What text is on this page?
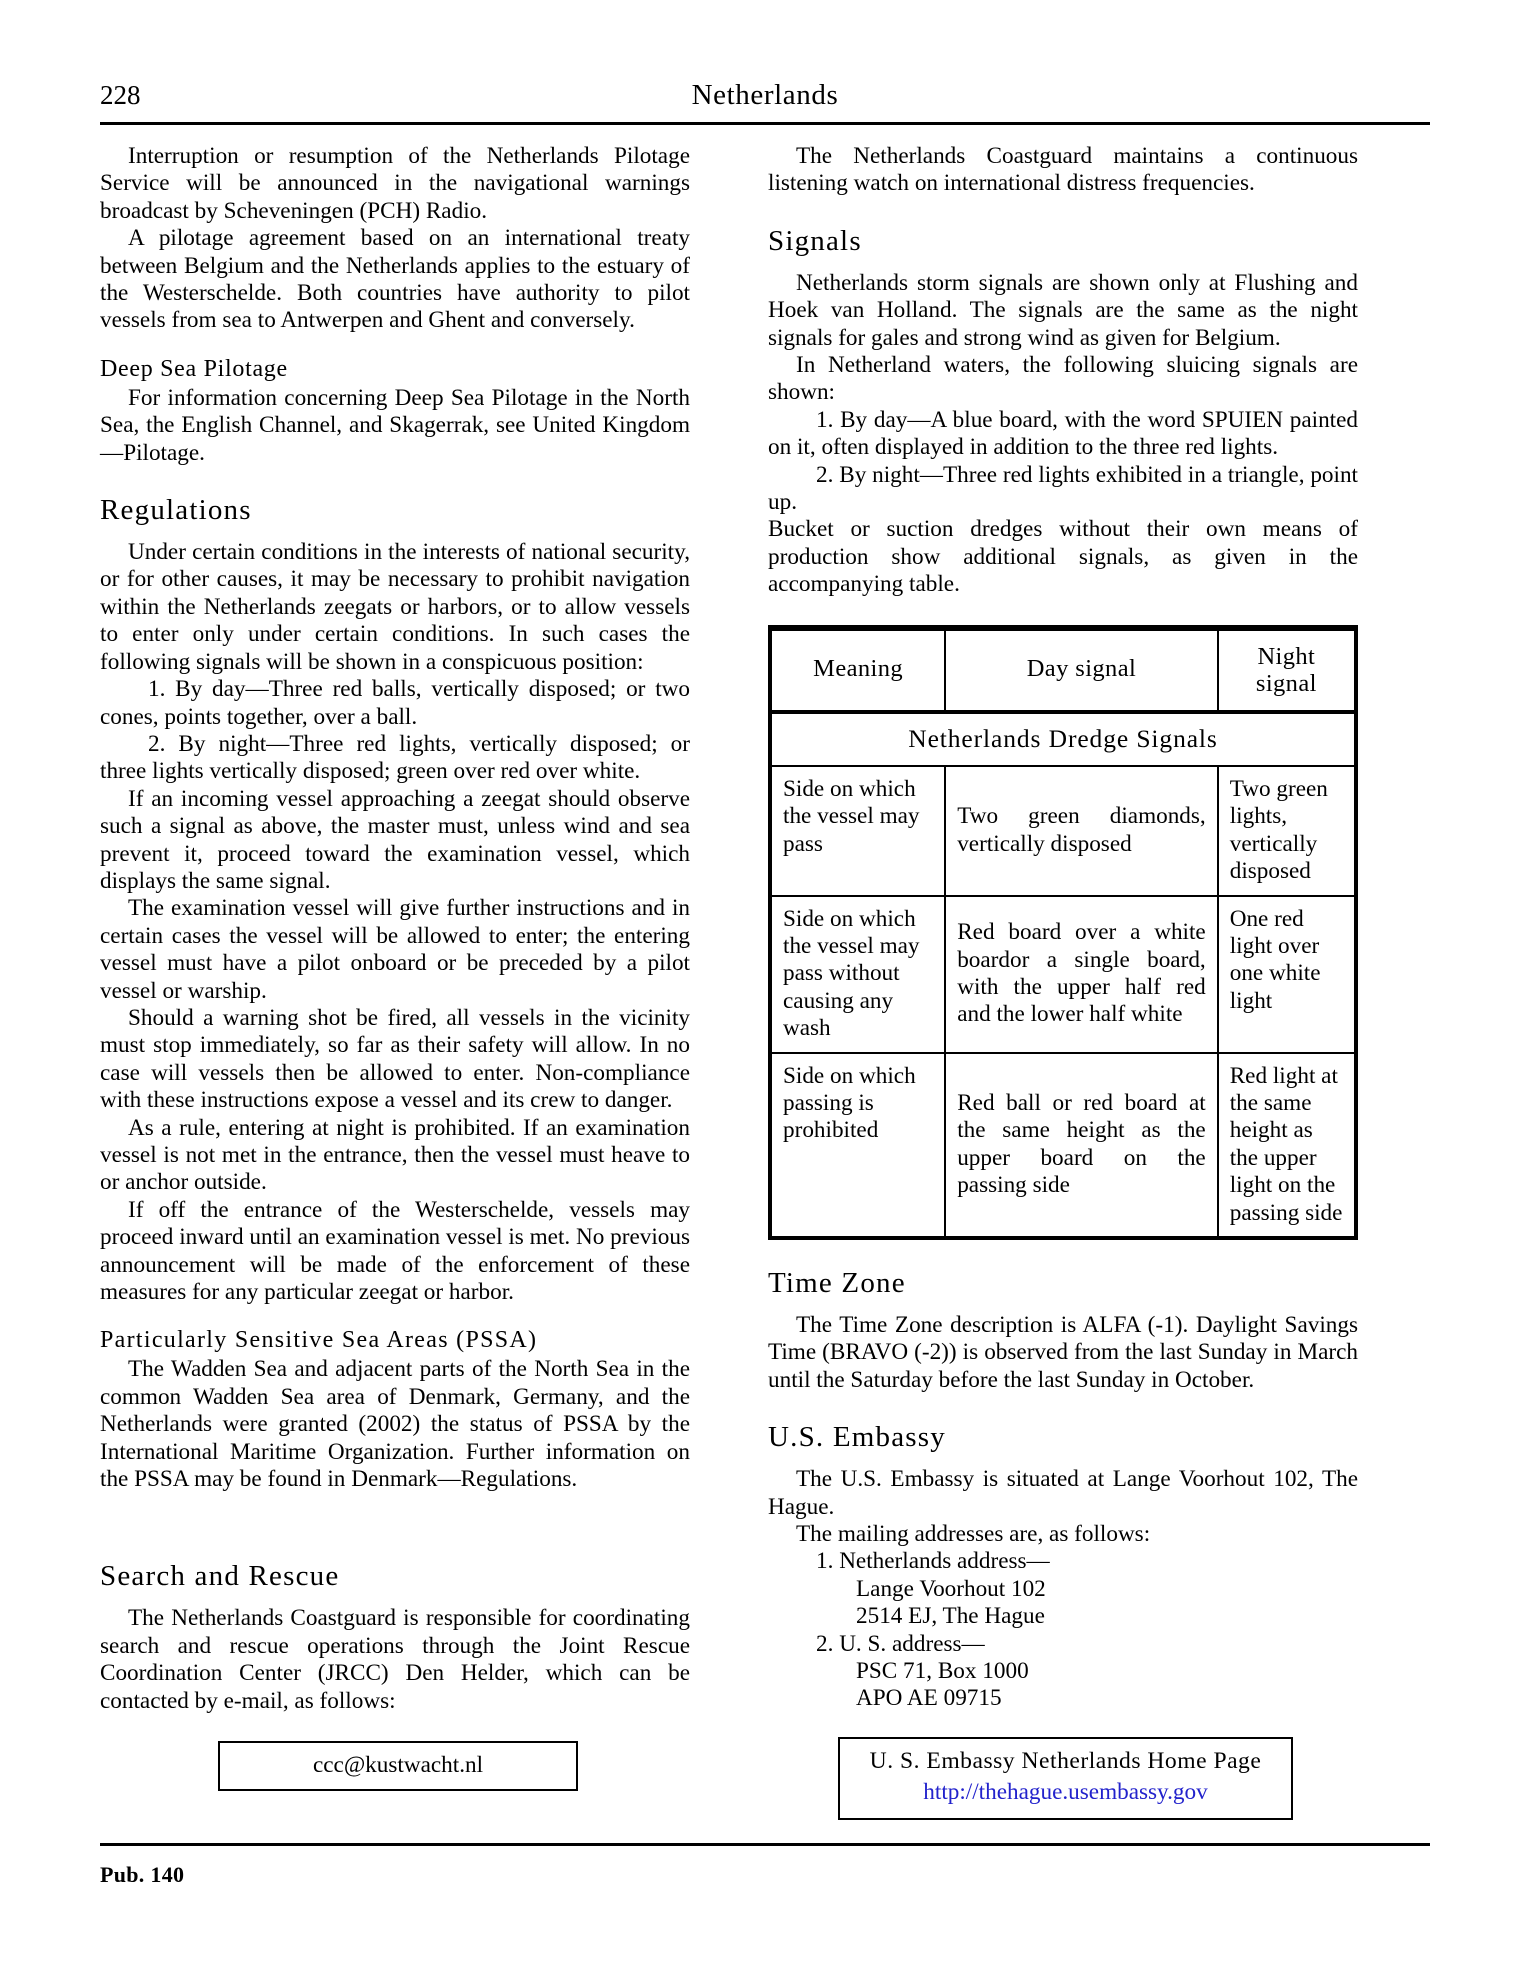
228	Netherlands

Interruption or resumption of the Netherlands Pilotage Service will be announced in the navigational warnings broadcast by Scheveningen (PCH) Radio.

A pilotage agreement based on an international treaty between Belgium and the Netherlands applies to the estuary of the Westerschelde. Both countries have authority to pilot vessels from sea to Antwerpen and Ghent and conversely.

Deep Sea Pilotage

For information concerning Deep Sea Pilotage in the North Sea, the English Channel, and Skagerrak, see United Kingdom—Pilotage.

Regulations

Under certain conditions in the interests of national security, or for other causes, it may be necessary to prohibit navigation within the Netherlands zeegats or harbors, or to allow vessels to enter only under certain conditions. In such cases the following signals will be shown in a conspicuous position:

1. By day—Three red balls, vertically disposed; or two cones, points together, over a ball.

2. By night—Three red lights, vertically disposed; or three lights vertically disposed; green over red over white.

If an incoming vessel approaching a zeegat should observe such a signal as above, the master must, unless wind and sea prevent it, proceed toward the examination vessel, which displays the same signal.

The examination vessel will give further instructions and in certain cases the vessel will be allowed to enter; the entering vessel must have a pilot onboard or be preceded by a pilot vessel or warship.

Should a warning shot be fired, all vessels in the vicinity must stop immediately, so far as their safety will allow. In no case will vessels then be allowed to enter. Non-compliance with these instructions expose a vessel and its crew to danger.

As a rule, entering at night is prohibited. If an examination vessel is not met in the entrance, then the vessel must heave to or anchor outside.

If off the entrance of the Westerschelde, vessels may proceed inward until an examination vessel is met. No previous announcement will be made of the enforcement of these measures for any particular zeegat or harbor.

Particularly Sensitive Sea Areas (PSSA)

The Wadden Sea and adjacent parts of the North Sea in the common Wadden Sea area of Denmark, Germany, and the Netherlands were granted (2002) the status of PSSA by the International Maritime Organization. Further information on the PSSA may be found in Denmark—Regulations.

Search and Rescue

The Netherlands Coastguard is responsible for coordinating search and rescue operations through the Joint Rescue Coordination Center (JRCC) Den Helder, which can be contacted by e-mail, as follows:

ccc@kustwacht.nl

The Netherlands Coastguard maintains a continuous listening watch on international distress frequencies.

Signals

Netherlands storm signals are shown only at Flushing and Hoek van Holland. The signals are the same as the night signals for gales and strong wind as given for Belgium.

In Netherland waters, the following sluicing signals are shown:

1. By day—A blue board, with the word SPUIEN painted on it, often displayed in addition to the three red lights.

2. By night—Three red lights exhibited in a triangle, point up.

Bucket or suction dredges without their own means of production show additional signals, as given in the accompanying table.

Netherlands Dredge Signals		
Meaning	Day signal	Night signal
Side on which the vessel may pass	Two green diamonds, vertically disposed	Two green lights, vertically disposed
Side on which the vessel may pass without causing any wash	Red board over a white boardor a single board, with the upper half red and the lower half white	One red light over one white light
Side on which passing is prohibited	Red ball or red board at the same height as the upper board on the passing side	Red light at the same height as the upper light on the passing side
Time Zone

The Time Zone description is ALFA (-1). Daylight Savings Time (BRAVO (-2)) is observed from the last Sunday in March until the Saturday before the last Sunday in October.

U.S. Embassy

The U.S. Embassy is situated at Lange Voorhout 102, The Hague.

The mailing addresses are, as follows:

1. Netherlands address—

Lange Voorhout 102

2514 EJ, The Hague

2. U. S. address—

PSC 71, Box 1000

APO AE 09715

U. S. Embassy Netherlands Home Page
http://thehague.usembassy.gov
Pub. 140
